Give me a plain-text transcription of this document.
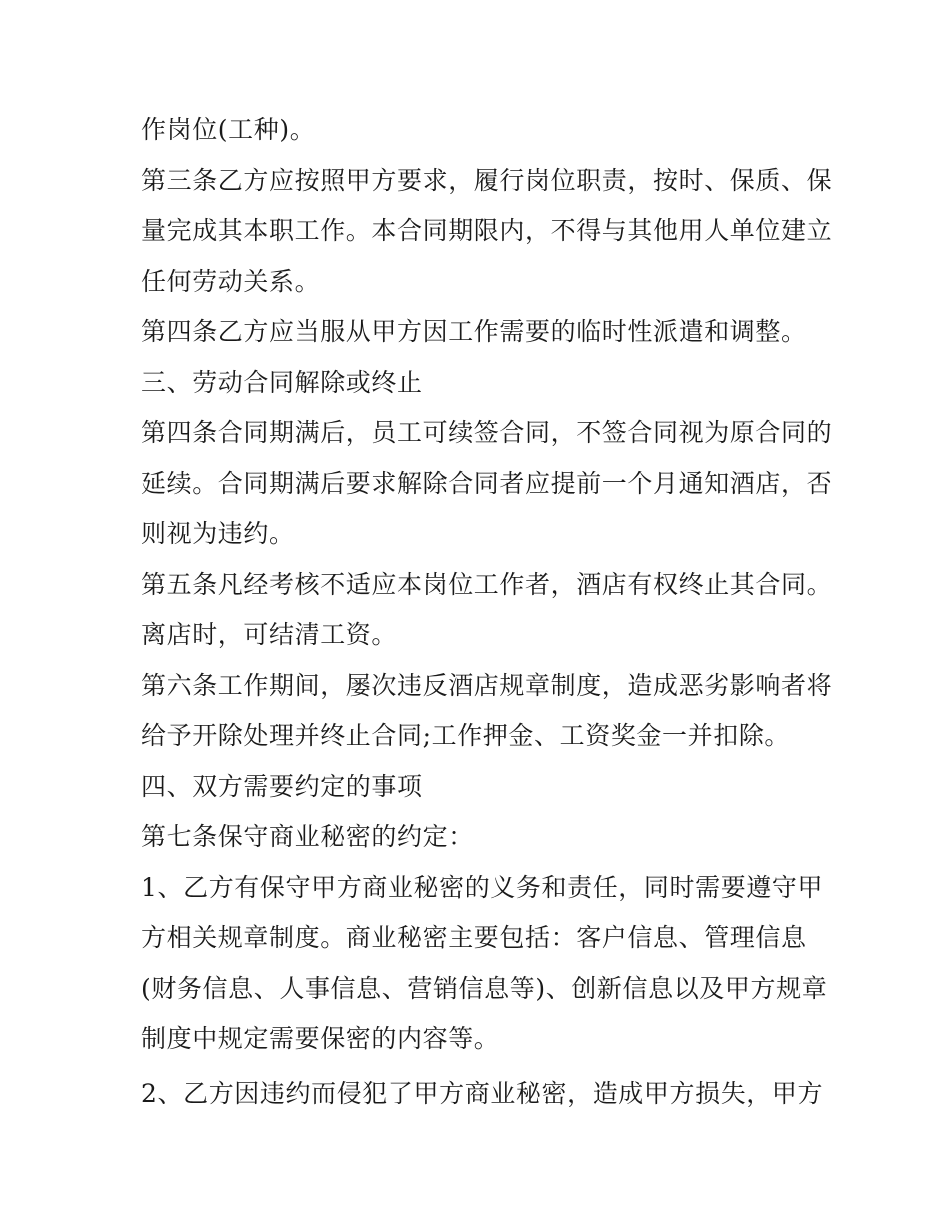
作岗位(工种)。
第三条乙方应按照甲方要求，履行岗位职责，按时、保质、保
量完成其本职工作。本合同期限内，不得与其他用人单位建立
任何劳动关系。
第四条乙方应当服从甲方因工作需要的临时性派遣和调整。
三、劳动合同解除或终止
第四条合同期满后，员工可续签合同，不签合同视为原合同的
延续。合同期满后要求解除合同者应提前一个月通知酒店，否
则视为违约。
第五条凡经考核不适应本岗位工作者，酒店有权终止其合同。
离店时，可结清工资。
第六条工作期间，屡次违反酒店规章制度，造成恶劣影响者将
给予开除处理并终止合同;工作押金、工资奖金一并扣除。
四、双方需要约定的事项
第七条保守商业秘密的约定：
1、乙方有保守甲方商业秘密的义务和责任，同时需要遵守甲
方相关规章制度。商业秘密主要包括：客户信息、管理信息
(财务信息、人事信息、营销信息等)、创新信息以及甲方规章
制度中规定需要保密的内容等。
2、乙方因违约而侵犯了甲方商业秘密，造成甲方损失，甲方
